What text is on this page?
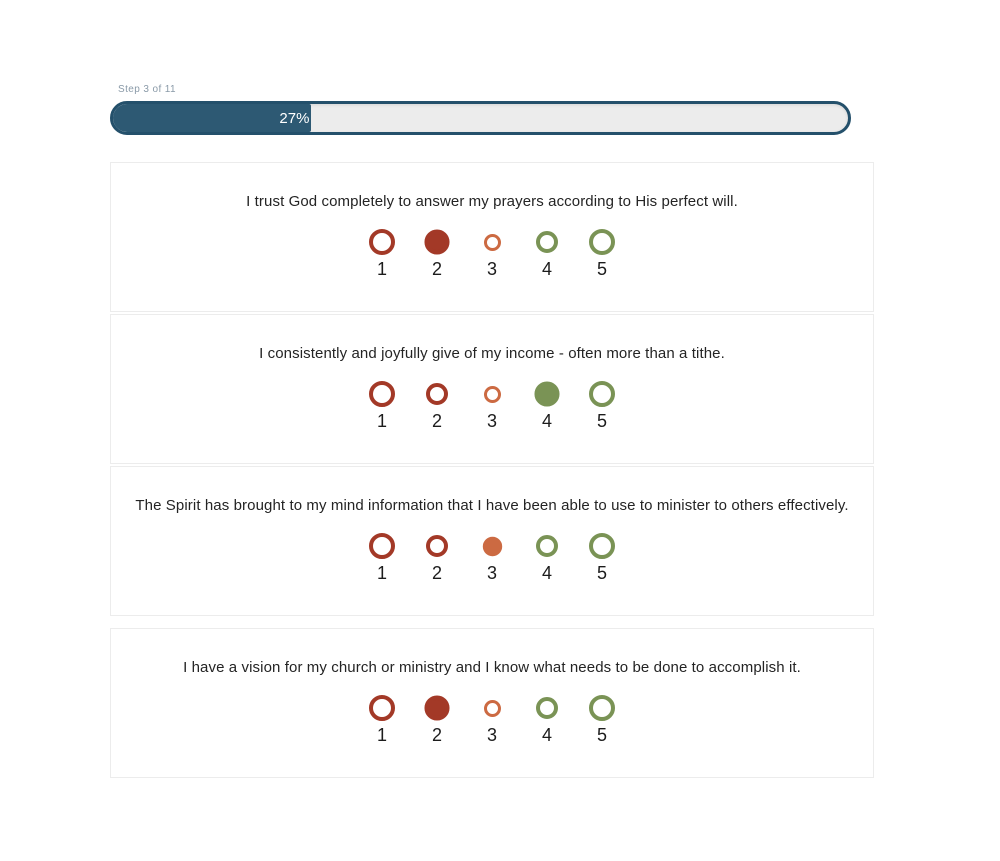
Step 3 of 11
27%

I trust God completely to answer my prayers according to His perfect will.

1 2 3 4 5

I consistently and joyfully give of my income - often more than a tithe.

1 2 3 4 5

The Spirit has brought to my mind information that I have been able to use to minister to others effectively.

1 2 3 4 5

I have a vision for my church or ministry and I know what needs to be done to accomplish it.

1 2 3 4 5
